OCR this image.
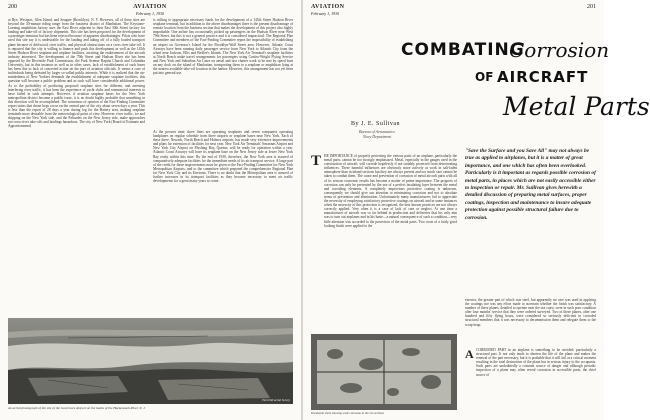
200	AVIATION
February 1, 1930
at Rye, Westport, Glen Island, and Seagate (Brooklyn), N. Y. However, all of these sites are beyond the 30-minute riding range from the business district of Manhattan. The Keystone-Loening amphibian factory uses the East River adjacent to their East 30th Street factory for landing and take-off of factory shipments. This site has been proposed for the development of a passenger terminus but has been rejected because of apparent disadvantages. Pilots who have used this site say it is undesirable for the landing and taking off of a fully loaded transport plane because of driftwood, river traffic, and physical obstructions on a cross river take-off. It is reported that the city is willing to finance and push this development as well as the 145th Street Hudson River seaplane and airplane facilities, awaiting the endorsement of the aircraft industry interested. The development of the 79th Street and Hudson River site has been opposed by the Riverside Park Commission, the Park Avenue Baptist Church and Columbia University, but in this instance as well as in other cases, lack of establishment of such bases has been due to lack of concerted action on the part of aviation officials. It seems a case of individuals being defeated by larger so-called public interests. While it is realized that the air-mindedness of New Yorkers demands the establishment of adequate seaplane facilities, this question will become a public problem and as such will have considerable additional power. As to the probability of producing proposed seaplane sites for different, and arresting interfering river traffic, it has been the experience of yacht clubs and commercial interests to have failed in such attempts. However, if aviation seaplane bases for the New York metropolitan district become a public issue, it is no doubt highly probable that something in this direction will be accomplished. The consensus of opinion of the Fact-Finding Committee report states that drone hops occur on the central part of the city about seven days a year. This is less than the report of 28 days a year during fog for the Battery area, making seaplane terminals more desirable from the meteorological point of view. However, river traffic, ice and shipping on the New York side, and the Palisades on the New Jersey side, make approaches not cross-river take-offs and landings hazardous. The city of New York (Board of Estimate and Apportionment)
is willing to appropriate necessary funds for the development of a 145th Street Hudson River seaplane terminal, but in addition to the above disadvantages there is the present disadvantage of remote location from the business section that makes the development of this project also highly improbable. One airline has occasionally picked up passengers on the Hudson River near West 79th Street, but this is not a general practice and it is considered impractical. The Regional Plan Committee and members of the Fact-Finding Committee report the impossibility of establishing an airport on Governor's Island for the Brooklyn-Wall Street area. However, Atlantic Coast Airways have been running daily passenger service from New York to Atlantic City from the wharf near Jackson, Ellis and Bedloe's Islands. The New York Air Terminal's seaplane facilities at North Beach make travel arrangements for passengers using Curtiss-Wright Flying Service and New York and Suburban Air Lines on aerial and taxi charter work to be met by speed boat on any dock on the island of Manhattan, transporting them to a seaplane or amphibian lying at the nearest available take-off location in the harbor. However, this arrangement has not yet been put into general use.
At the present time, three lines are operating seaplanes and seven companies operating landplanes on regular schedule from three airports or seaplane bases near New York. Each of these three, Newark, North Beach and Holmes airports, has made very extensive improvements and plans for extension of facilities for next year. New York Air Terminals' Savannas Airport and New York City Airport on Flushing Bay, Queens, will be ready for operation within a year. Atlantic Coast Airways will have its seaplane base on the New Jersey side at lower New York Bay ready within this time. By the end of 1930, therefore, the New York area is assured of comparatively adequate facilities for the immediate needs of its air transport service. A large part of the credit for these improvements must be given to the Fact-Finding Committee for New York Metropolitan Airports, and to the committee which prepared the comprehensive Regional Plan for New York City and its Environs. There is no doubt that the Metropolitan area is assured of further increases in its transport facilities as they become necessary to meet air traffic developments for a great many years to come.
Fairchild aerial Survey
An aerial photograph of the site of the Governors Airport on the banks of the Hackensack River, N. J.
AVIATION
February 1, 1930
201
COMBATING
Corrosion
OF AIRCRAFT
Metal Parts
By J. E. Sullivan
Bureau of Aeronautics
Navy Department
T HE IMPORTANCE of properly protecting the various parts of an airplane, particularly the metal parts, cannot be too strongly emphasized. Metal, especially in the gauges used in the construction of aircraft, will corrode hopelessly if not suitably protected from deteriorating influences. These harmful influences are obviously more actively at work in salt-laden atmosphere than in inland sections but they are always present and too much care cannot be taken to combat them. The cause and prevention of corrosion of metal aircraft parts with all of its serious economic results has become a matter of prime importance. The progress of corrosion can only be prevented by the use of a perfect insulating layer between the metal and corroding elements. A completely impervious protective coating is unknown, consequently we should give our attention to minimizing corrosion and not to absolute terms of prevention and elimination. Unfortunately many manufacturers fail to appreciate the necessity of employing satisfactory protective coatings on aircraft and in some instances when the necessity of this protection is recognized, the best known practices are not always correctly applied. Very often it is a case of lack of care or neglect. At one time a manufacturer of aircraft was so far behind in production and deliveries that his only aim was to turn out airplanes and in his haste—a natural consequence of such a condition—very little attention was accorded to the protection of the metal parts. Two coats of a fairly good looking finish were applied to the
Duralumin sheet showing scale corrosion at the rim sections
"Save the Surface and you Save All" may not always be true as applied to airplanes, but it is a matter of great importance, and one which has often been overlooked. Particularly is it important as regards possible corrosion of metal parts, in places which are not easily accessible either to inspection or repair. Mr. Sullivan gives herewith a detailed discussion of preparing metal surfaces, proper coatings, inspection and maintenance to insure adequate protection against possible structural failure due to corrosion.
exterior, the greater part of which was steel, but apparently no care was used in applying the coatings nor was any effort made to ascertain whether the finish was satisfactory. A number of these planes, detailed to operate near the sea coast, were in such poor condition after four months' service that they were ordered surveyed. Two of these planes, after one hundred and fifty flying hours, were considered so seriously deficient in corroded structural members that it was necessary to decommission them and relegate them to the scrap heap.
A CORRODED PART in an airplane is something to be avoided, particularly a structural part. It not only tends to shorten the life of the plane and makes the renewal of the part necessary, but it is probable that it will fail at a critical moment resulting in the total destruction of the plane but in serious injury to the occupants. Such parts are undoubtedly a constant source of danger and although periodic inspection of a plane may often reveal corrosion in accessible parts, the chief source of
